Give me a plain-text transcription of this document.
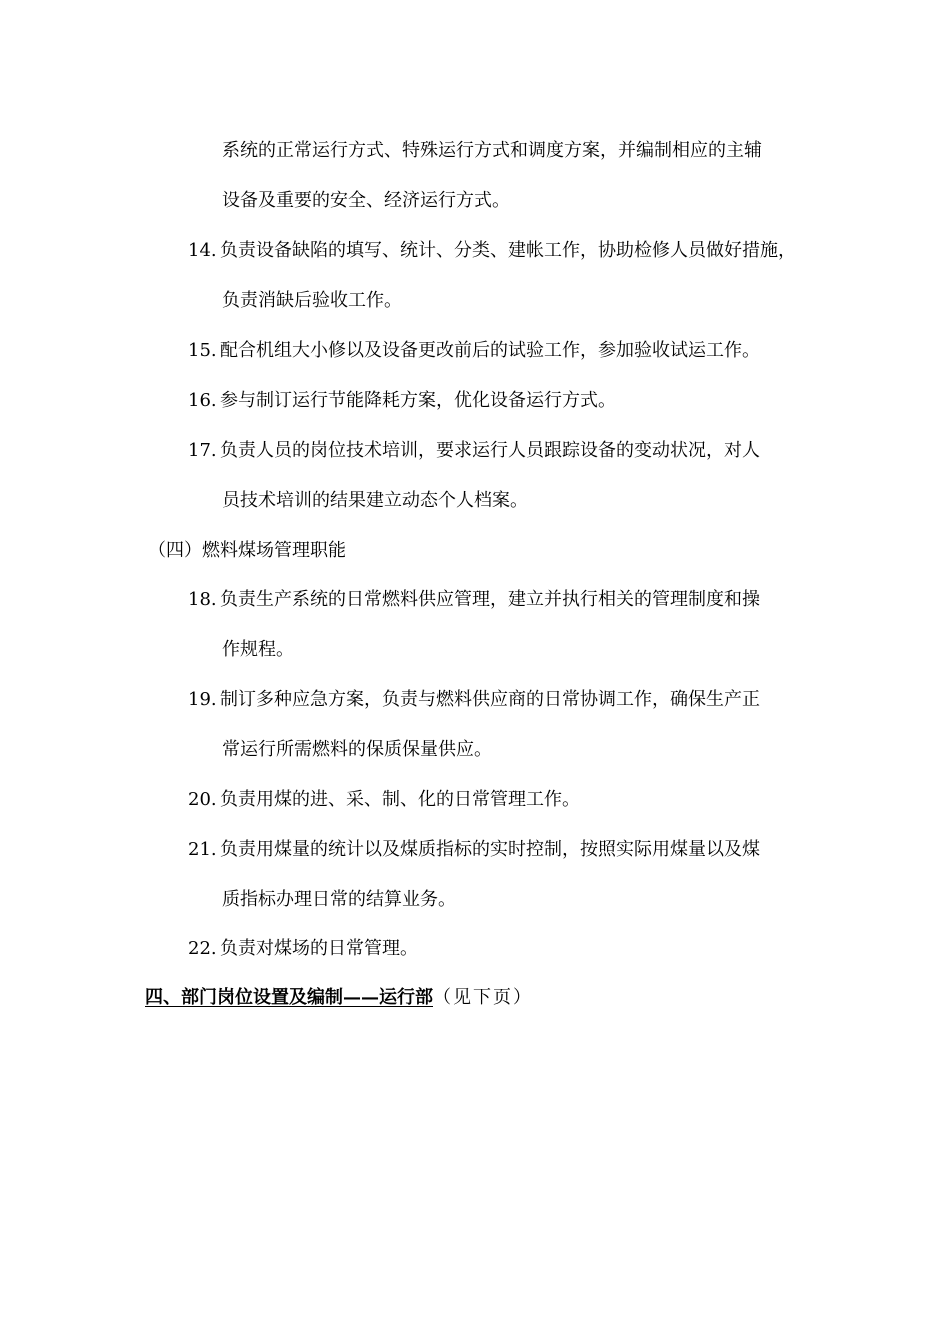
系统的正常运行方式、特殊运行方式和调度方案，并编制相应的主辅
设备及重要的安全、经济运行方式。
14. 负责设备缺陷的填写、统计、分类、建帐工作，协助检修人员做好措施，
负责消缺后验收工作。
15. 配合机组大小修以及设备更改前后的试验工作，参加验收试运工作。
16. 参与制订运行节能降耗方案，优化设备运行方式。
17. 负责人员的岗位技术培训，要求运行人员跟踪设备的变动状况，对人
员技术培训的结果建立动态个人档案。
（四）燃料煤场管理职能
18. 负责生产系统的日常燃料供应管理，建立并执行相关的管理制度和操
作规程。
19. 制订多种应急方案，负责与燃料供应商的日常协调工作，确保生产正
常运行所需燃料的保质保量供应。
20. 负责用煤的进、采、制、化的日常管理工作。
21. 负责用煤量的统计以及煤质指标的实时控制，按照实际用煤量以及煤
质指标办理日常的结算业务。
22. 负责对煤场的日常管理。
四、部门岗位设置及编制——运行部（见下页）
